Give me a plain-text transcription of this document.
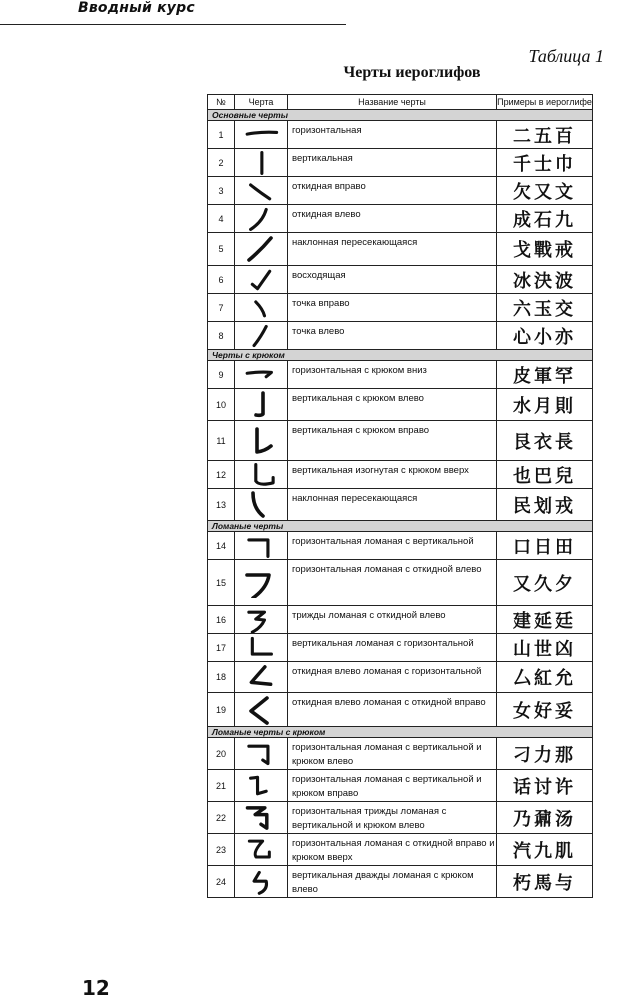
Вводный курс
Таблица 1
Черты иероглифов
№	Черта	Название черты	Примеры в иероглифе
Основные черты			
1		горизонтальная	二五百
2		вертикальная	千士巾
3		откидная вправо	欠又文
4		откидная влево	成石九
5		наклонная пересекающаяся	戈戰戒
6		восходящая	冰決波
7		точка вправо	六玉交
8		точка влево	心小亦
Черты с крюком			
9		горизонтальная с крюком вниз	皮軍罕
10		вертикальная с крюком влево	水月則
11		вертикальная с крюком вправо	艮衣長
12		вертикальная изогнутая с крюком вверх	也巴兒
13		наклонная пересекающаяся	民划戎
Ломаные черты			
14		горизонтальная ломаная с вертикальной	口日田
15		горизонтальная ломаная с откидной влево	又久夕
16		трижды ломаная с откидной влево	建延廷
17		вертикальная ломаная с горизонтальной	山世凶
18		откидная влево ломаная с горизонтальной	厶紅允
19		откидная влево ломаная с откидной вправо	女好妥
Ломаные черты с крюком			
20		горизонтальная ломаная с вертикальной и крюком влево	刁力那
21		горизонтальная ломаная с вертикальной и крюком вправо	话讨许
22		горизонтальная трижды ломаная с вертикальной и крюком влево	乃鼐汤
23		горизонтальная ломаная с откидной вправо и крюком вверх	汽九肌
24		вертикальная дважды ломаная с крюком влево	朽馬与
12
